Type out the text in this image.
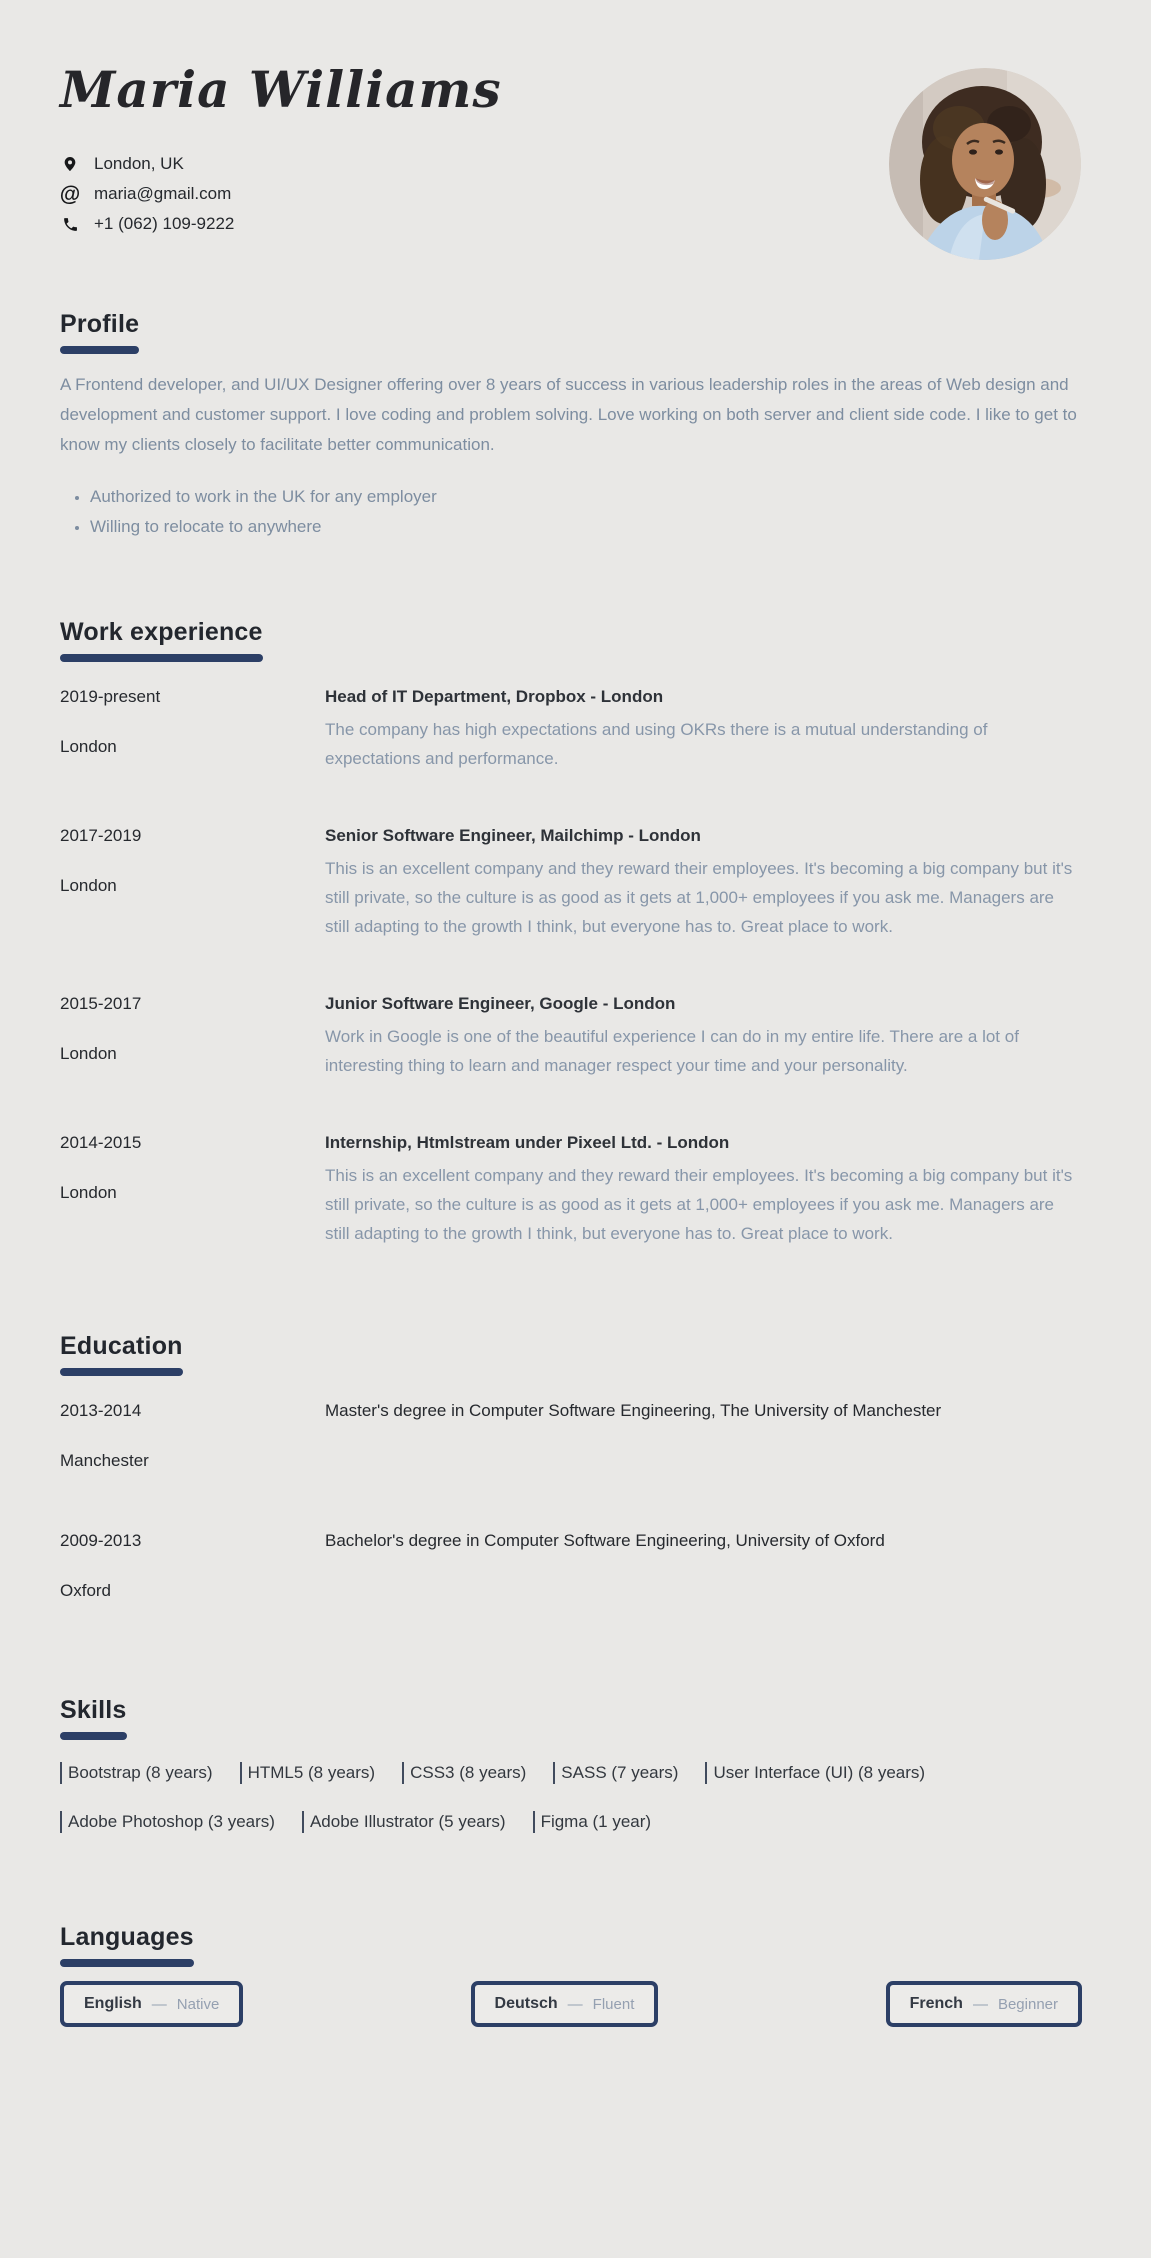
Maria Williams
London, UK
@ maria@gmail.com
+1 (062) 109-9222
Profile

A Frontend developer, and UI/UX Designer offering over 8 years of success in various leadership roles in the areas of Web design and development and customer support. I love coding and problem solving. Love working on both server and client side code. I like to get to know my clients closely to facilitate better communication.

• Authorized to work in the UK for any employer
• Willing to relocate to anywhere
Work experience
2019-present
London
Head of IT Department, Dropbox - London
The company has high expectations and using OKRs there is a mutual understanding of expectations and performance.
2017-2019
London
Senior Software Engineer, Mailchimp - London
This is an excellent company and they reward their employees. It's becoming a big company but it's still private, so the culture is as good as it gets at 1,000+ employees if you ask me. Managers are still adapting to the growth I think, but everyone has to. Great place to work.
2015-2017
London
Junior Software Engineer, Google - London
Work in Google is one of the beautiful experience I can do in my entire life. There are a lot of interesting thing to learn and manager respect your time and your personality.
2014-2015
London
Internship, Htmlstream under Pixeel Ltd. - London
This is an excellent company and they reward their employees. It's becoming a big company but it's still private, so the culture is as good as it gets at 1,000+ employees if you ask me. Managers are still adapting to the growth I think, but everyone has to. Great place to work.
Education
2013-2014
Manchester
Master's degree in Computer Software Engineering, The University of Manchester
2009-2013
Oxford
Bachelor's degree in Computer Software Engineering, University of Oxford
Skills
Bootstrap (8 years)	HTML5 (8 years)	CSS3 (8 years)	SASS (7 years)	User Interface (UI) (8 years)
Adobe Photoshop (3 years)	Adobe Illustrator (5 years)	Figma (1 year)
Languages
English — Native	Deutsch — Fluent	French — Beginner
